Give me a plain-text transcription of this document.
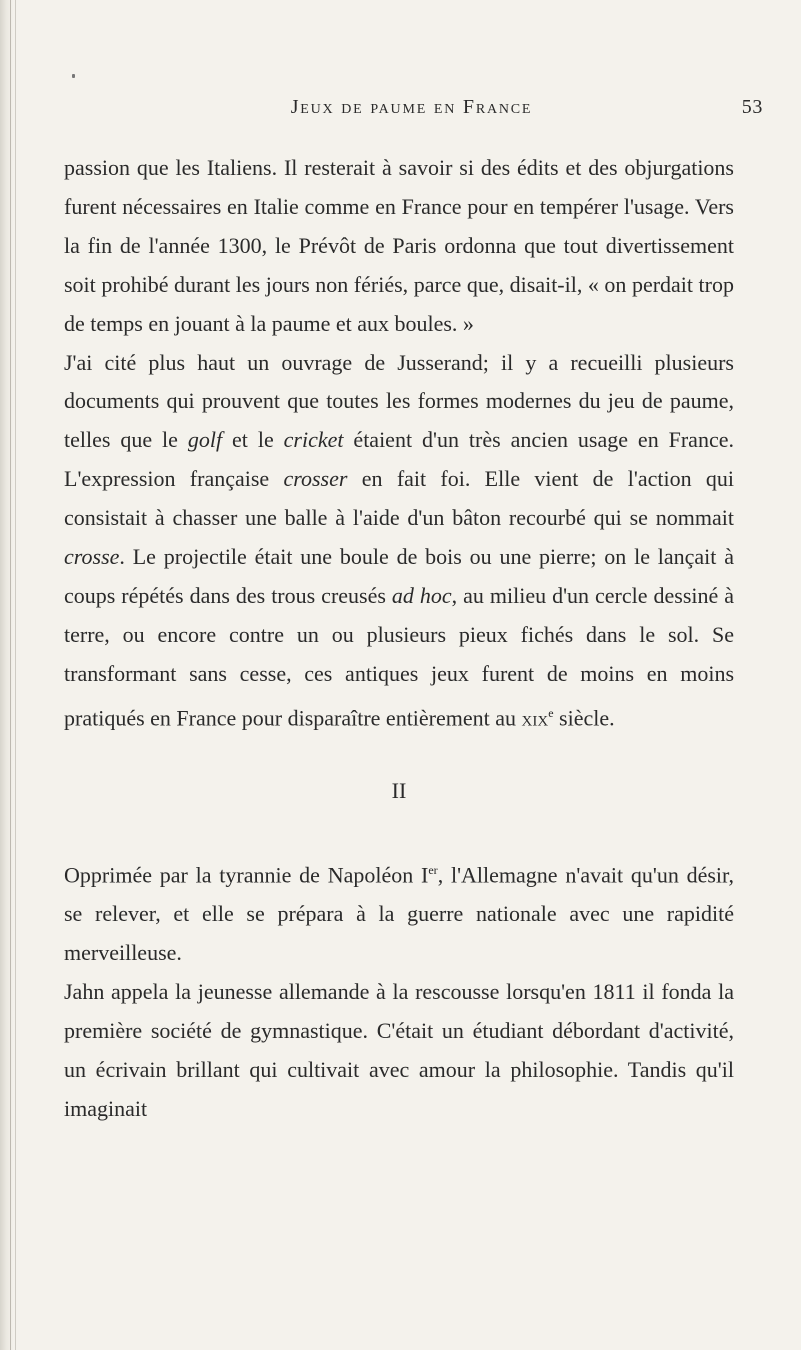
Jeux de paume en France	53

passion que les Italiens. Il resterait à savoir si des édits et des objurgations furent nécessaires en Italie comme en France pour en tempérer l'usage. Vers la fin de l'année 1300, le Prévôt de Paris ordonna que tout divertissement soit prohibé durant les jours non fériés, parce que, disait-il, « on perdait trop de temps en jouant à la paume et aux boules. »

J'ai cité plus haut un ouvrage de Jusserand; il y a recueilli plusieurs documents qui prouvent que toutes les formes modernes du jeu de paume, telles que le golf et le cricket étaient d'un très ancien usage en France. L'expression française crosser en fait foi. Elle vient de l'action qui consistait à chasser une balle à l'aide d'un bâton recourbé qui se nommait crosse. Le projectile était une boule de bois ou une pierre; on le lançait à coups répétés dans des trous creusés ad hoc, au milieu d'un cercle dessiné à terre, ou encore contre un ou plusieurs pieux fichés dans le sol. Se transformant sans cesse, ces antiques jeux furent de moins en moins pratiqués en France pour disparaître entièrement au xix$^e$ siècle.

II

Opprimée par la tyrannie de Napoléon Ier, l'Allemagne n'avait qu'un désir, se relever, et elle se prépara à la guerre nationale avec une rapidité merveilleuse.

Jahn appela la jeunesse allemande à la rescousse lorsqu'en 1811 il fonda la première société de gymnastique. C'était un étudiant débordant d'activité, un écrivain brillant qui cultivait avec amour la philosophie. Tandis qu'il imaginait
